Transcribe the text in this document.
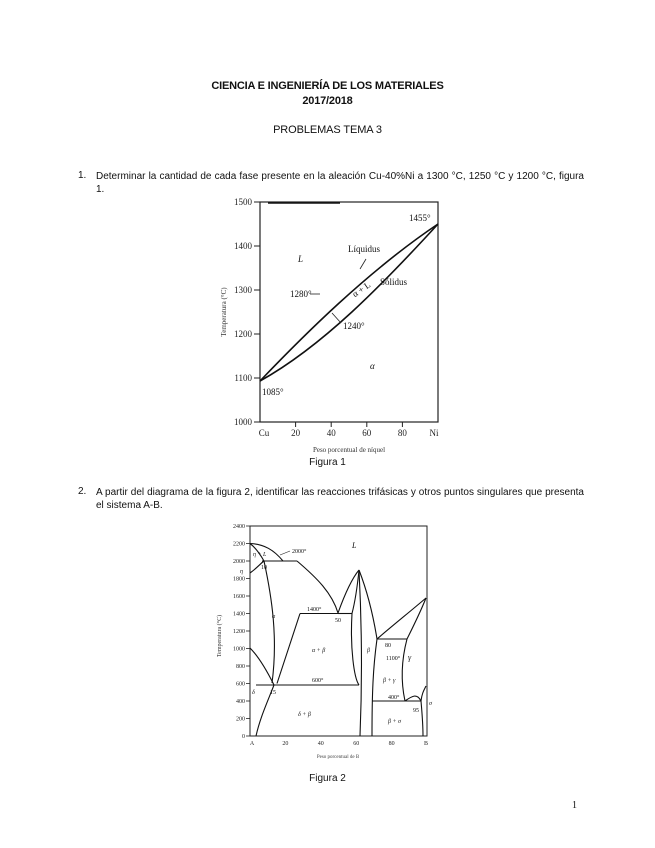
CIENCIA E INGENIERÍA DE LOS MATERIALES
2017/2018
PROBLEMAS TEMA 3
1. Determinar la cantidad de cada fase presente en la aleación Cu-40%Ni a 1300 °C, 1250 °C y 1200 °C, figura 1.
1000
1100
1200
1300
1400
1500
Cu 20	40	60	80	Ni
Peso porcentual de níquel
Temperatura (°C)
L
Líquidus
Sólidus
α + L
α
1455°
1280°
1240°
1085°
Figura 1
2. A partir del diagrama de la figura 2, identificar las reacciones trifásicas y otros puntos singulares que presenta el sistema A-B.
0
200
400
600
800
1000
1200
1400
1600
1800
2000
2200
2400
A	20	40	60	80	B
Peso porcentual de B
Temperatura (°C)
L
2000°
η + L
η
10
1400°
50
α
α + β
600°
15
δ
δ + β
β
80
1100° γ
β + γ
400°
95
σ
β + σ
Figura 2
1
